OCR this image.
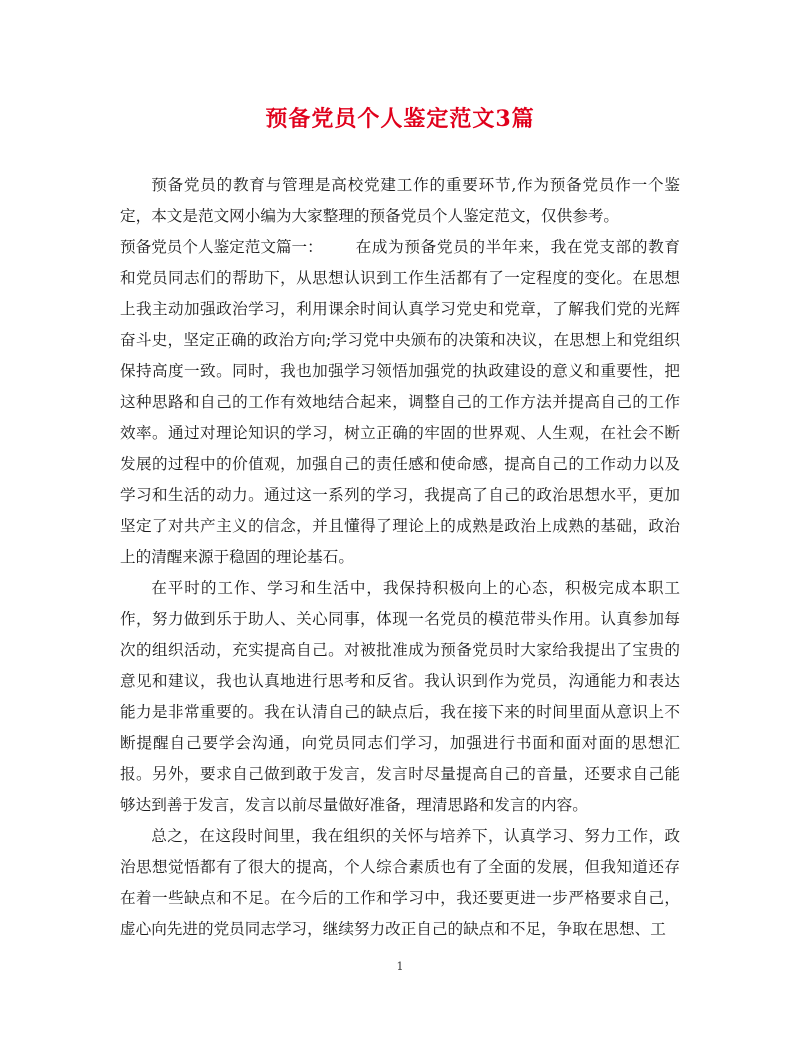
预备党员个人鉴定范文3篇

预备党员的教育与管理是高校党建工作的重要环节,作为预备党员作一个鉴定，本文是范文网小编为大家整理的预备党员个人鉴定范文，仅供参考。

预备党员个人鉴定范文篇一： 在成为预备党员的半年来，我在党支部的教育和党员同志们的帮助下，从思想认识到工作生活都有了一定程度的变化。在思想上我主动加强政治学习，利用课余时间认真学习党史和党章，了解我们党的光辉奋斗史，坚定正确的政治方向;学习党中央颁布的决策和决议，在思想上和党组织保持高度一致。同时，我也加强学习领悟加强党的执政建设的意义和重要性，把这种思路和自己的工作有效地结合起来，调整自己的工作方法并提高自己的工作效率。通过对理论知识的学习，树立正确的牢固的世界观、人生观，在社会不断发展的过程中的价值观，加强自己的责任感和使命感，提高自己的工作动力以及学习和生活的动力。通过这一系列的学习，我提高了自己的政治思想水平，更加坚定了对共产主义的信念，并且懂得了理论上的成熟是政治上成熟的基础，政治上的清醒来源于稳固的理论基石。

在平时的工作、学习和生活中，我保持积极向上的心态，积极完成本职工作，努力做到乐于助人、关心同事，体现一名党员的模范带头作用。认真参加每次的组织活动，充实提高自己。对被批准成为预备党员时大家给我提出了宝贵的意见和建议，我也认真地进行思考和反省。我认识到作为党员，沟通能力和表达能力是非常重要的。我在认清自己的缺点后，我在接下来的时间里面从意识上不断提醒自己要学会沟通，向党员同志们学习，加强进行书面和面对面的思想汇报。另外，要求自己做到敢于发言，发言时尽量提高自己的音量，还要求自己能够达到善于发言，发言以前尽量做好准备，理清思路和发言的内容。

总之，在这段时间里，我在组织的关怀与培养下，认真学习、努力工作，政治思想觉悟都有了很大的提高，个人综合素质也有了全面的发展，但我知道还存在着一些缺点和不足。在今后的工作和学习中，我还要更进一步严格要求自己，虚心向先进的党员同志学习，继续努力改正自己的缺点和不足，争取在思想、工

1
